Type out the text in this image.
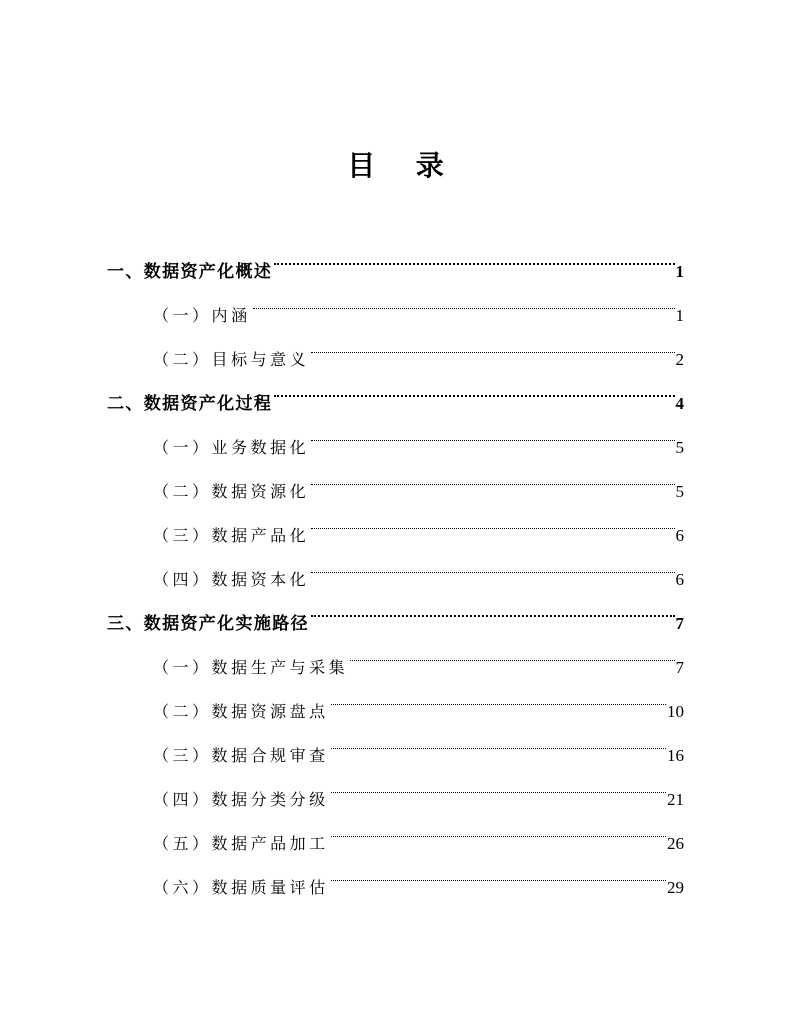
目 录
一、数据资产化概述	1
（一）内涵	1
（二）目标与意义	2
二、数据资产化过程	4
（一）业务数据化	5
（二）数据资源化	5
（三）数据产品化	6
（四）数据资本化	6
三、数据资产化实施路径	7
（一）数据生产与采集	7
（二）数据资源盘点	10
（三）数据合规审查	16
（四）数据分类分级	21
（五）数据产品加工	26
（六）数据质量评估	29
